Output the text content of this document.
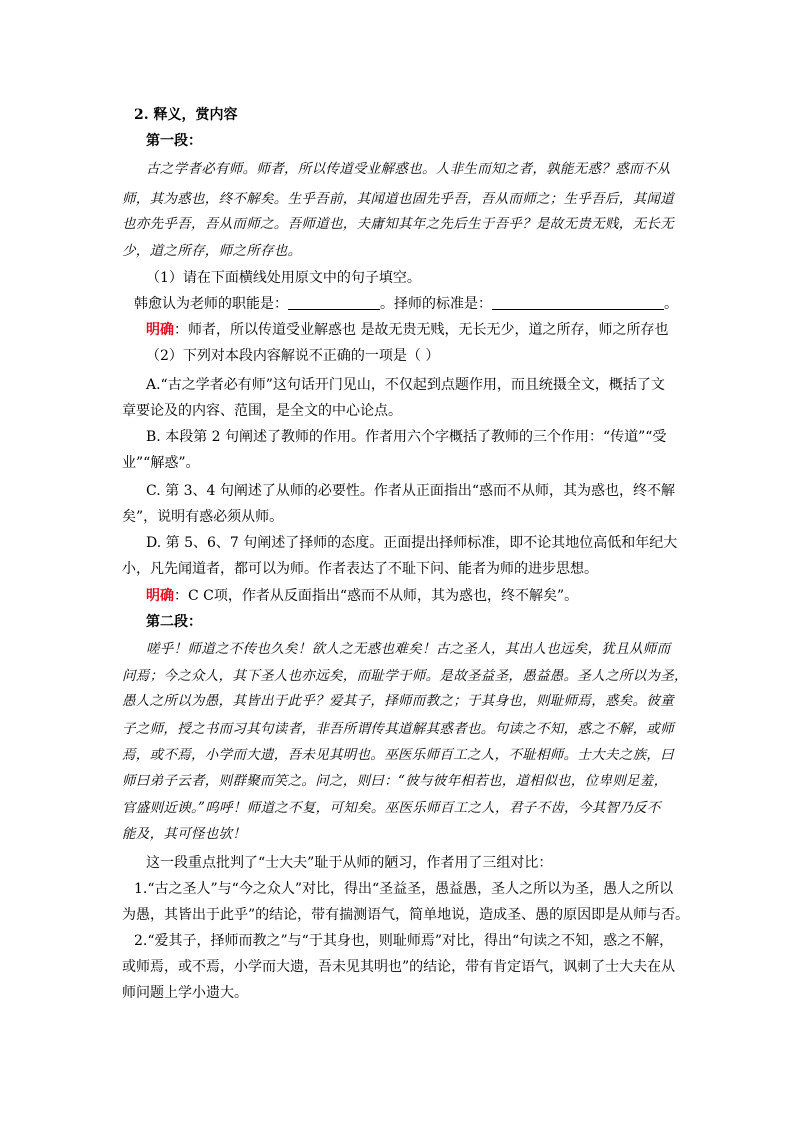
2. 释义，赏内容
第一段：
古之学者必有师。师者，所以传道受业解惑也。人非生而知之者，孰能无惑？惑而不从
师，其为惑也，终不解矣。生乎吾前，其闻道也固先乎吾，吾从而师之；生乎吾后，其闻道
也亦先乎吾，吾从而师之。吾师道也，夫庸知其年之先后生于吾乎？是故无贵无贱，无长无
少，道之所存，师之所存也。
（1）请在下面横线处用原文中的句子填空。
韩愈认为老师的职能是：	。择师的标准是：	。
明确：师者，所以传道受业解惑也 是故无贵无贱，无长无少，道之所存，师之所存也
（2）下列对本段内容解说不正确的一项是（ ）
A.“古之学者必有师”这句话开门见山，不仅起到点题作用，而且统摄全文，概括了文
章要论及的内容、范围，是全文的中心论点。
B. 本段第 2 句阐述了教师的作用。作者用六个字概括了教师的三个作用：“传道”“受
业”“解惑”。
C. 第 3、4 句阐述了从师的必要性。作者从正面指出“惑而不从师，其为惑也，终不解
矣”，说明有惑必须从师。
D. 第 5、6、7 句阐述了择师的态度。正面提出择师标准，即不论其地位高低和年纪大
小，凡先闻道者，都可以为师。作者表达了不耻下问、能者为师的进步思想。
明确：C C项，作者从反面指出“惑而不从师，其为惑也，终不解矣”。
第二段：
嗟乎！师道之不传也久矣！欲人之无惑也难矣！古之圣人，其出人也远矣，犹且从师而
问焉；今之众人，其下圣人也亦远矣，而耻学于师。是故圣益圣，愚益愚。圣人之所以为圣，
愚人之所以为愚，其皆出于此乎？爱其子，择师而教之；于其身也，则耻师焉，惑矣。彼童
子之师，授之书而习其句读者，非吾所谓传其道解其惑者也。句读之不知，惑之不解，或师
焉，或不焉，小学而大遗，吾未见其明也。巫医乐师百工之人，不耻相师。士大夫之族，曰
师曰弟子云者，则群聚而笑之。问之，则曰：“彼与彼年相若也，道相似也，位卑则足羞，
官盛则近谀。”呜呼！师道之不复，可知矣。巫医乐师百工之人，君子不齿，今其智乃反不
能及，其可怪也欤！
这一段重点批判了“士大夫”耻于从师的陋习，作者用了三组对比：
1.“古之圣人”与“今之众人”对比，得出“圣益圣，愚益愚，圣人之所以为圣，愚人之所以
为愚，其皆出于此乎”的结论，带有揣测语气，简单地说，造成圣、愚的原因即是从师与否。
2.“爱其子，择师而教之”与“于其身也，则耻师焉”对比，得出“句读之不知，惑之不解，
或师焉，或不焉，小学而大遗，吾未见其明也”的结论，带有肯定语气，讽刺了士大夫在从
师问题上学小遗大。
